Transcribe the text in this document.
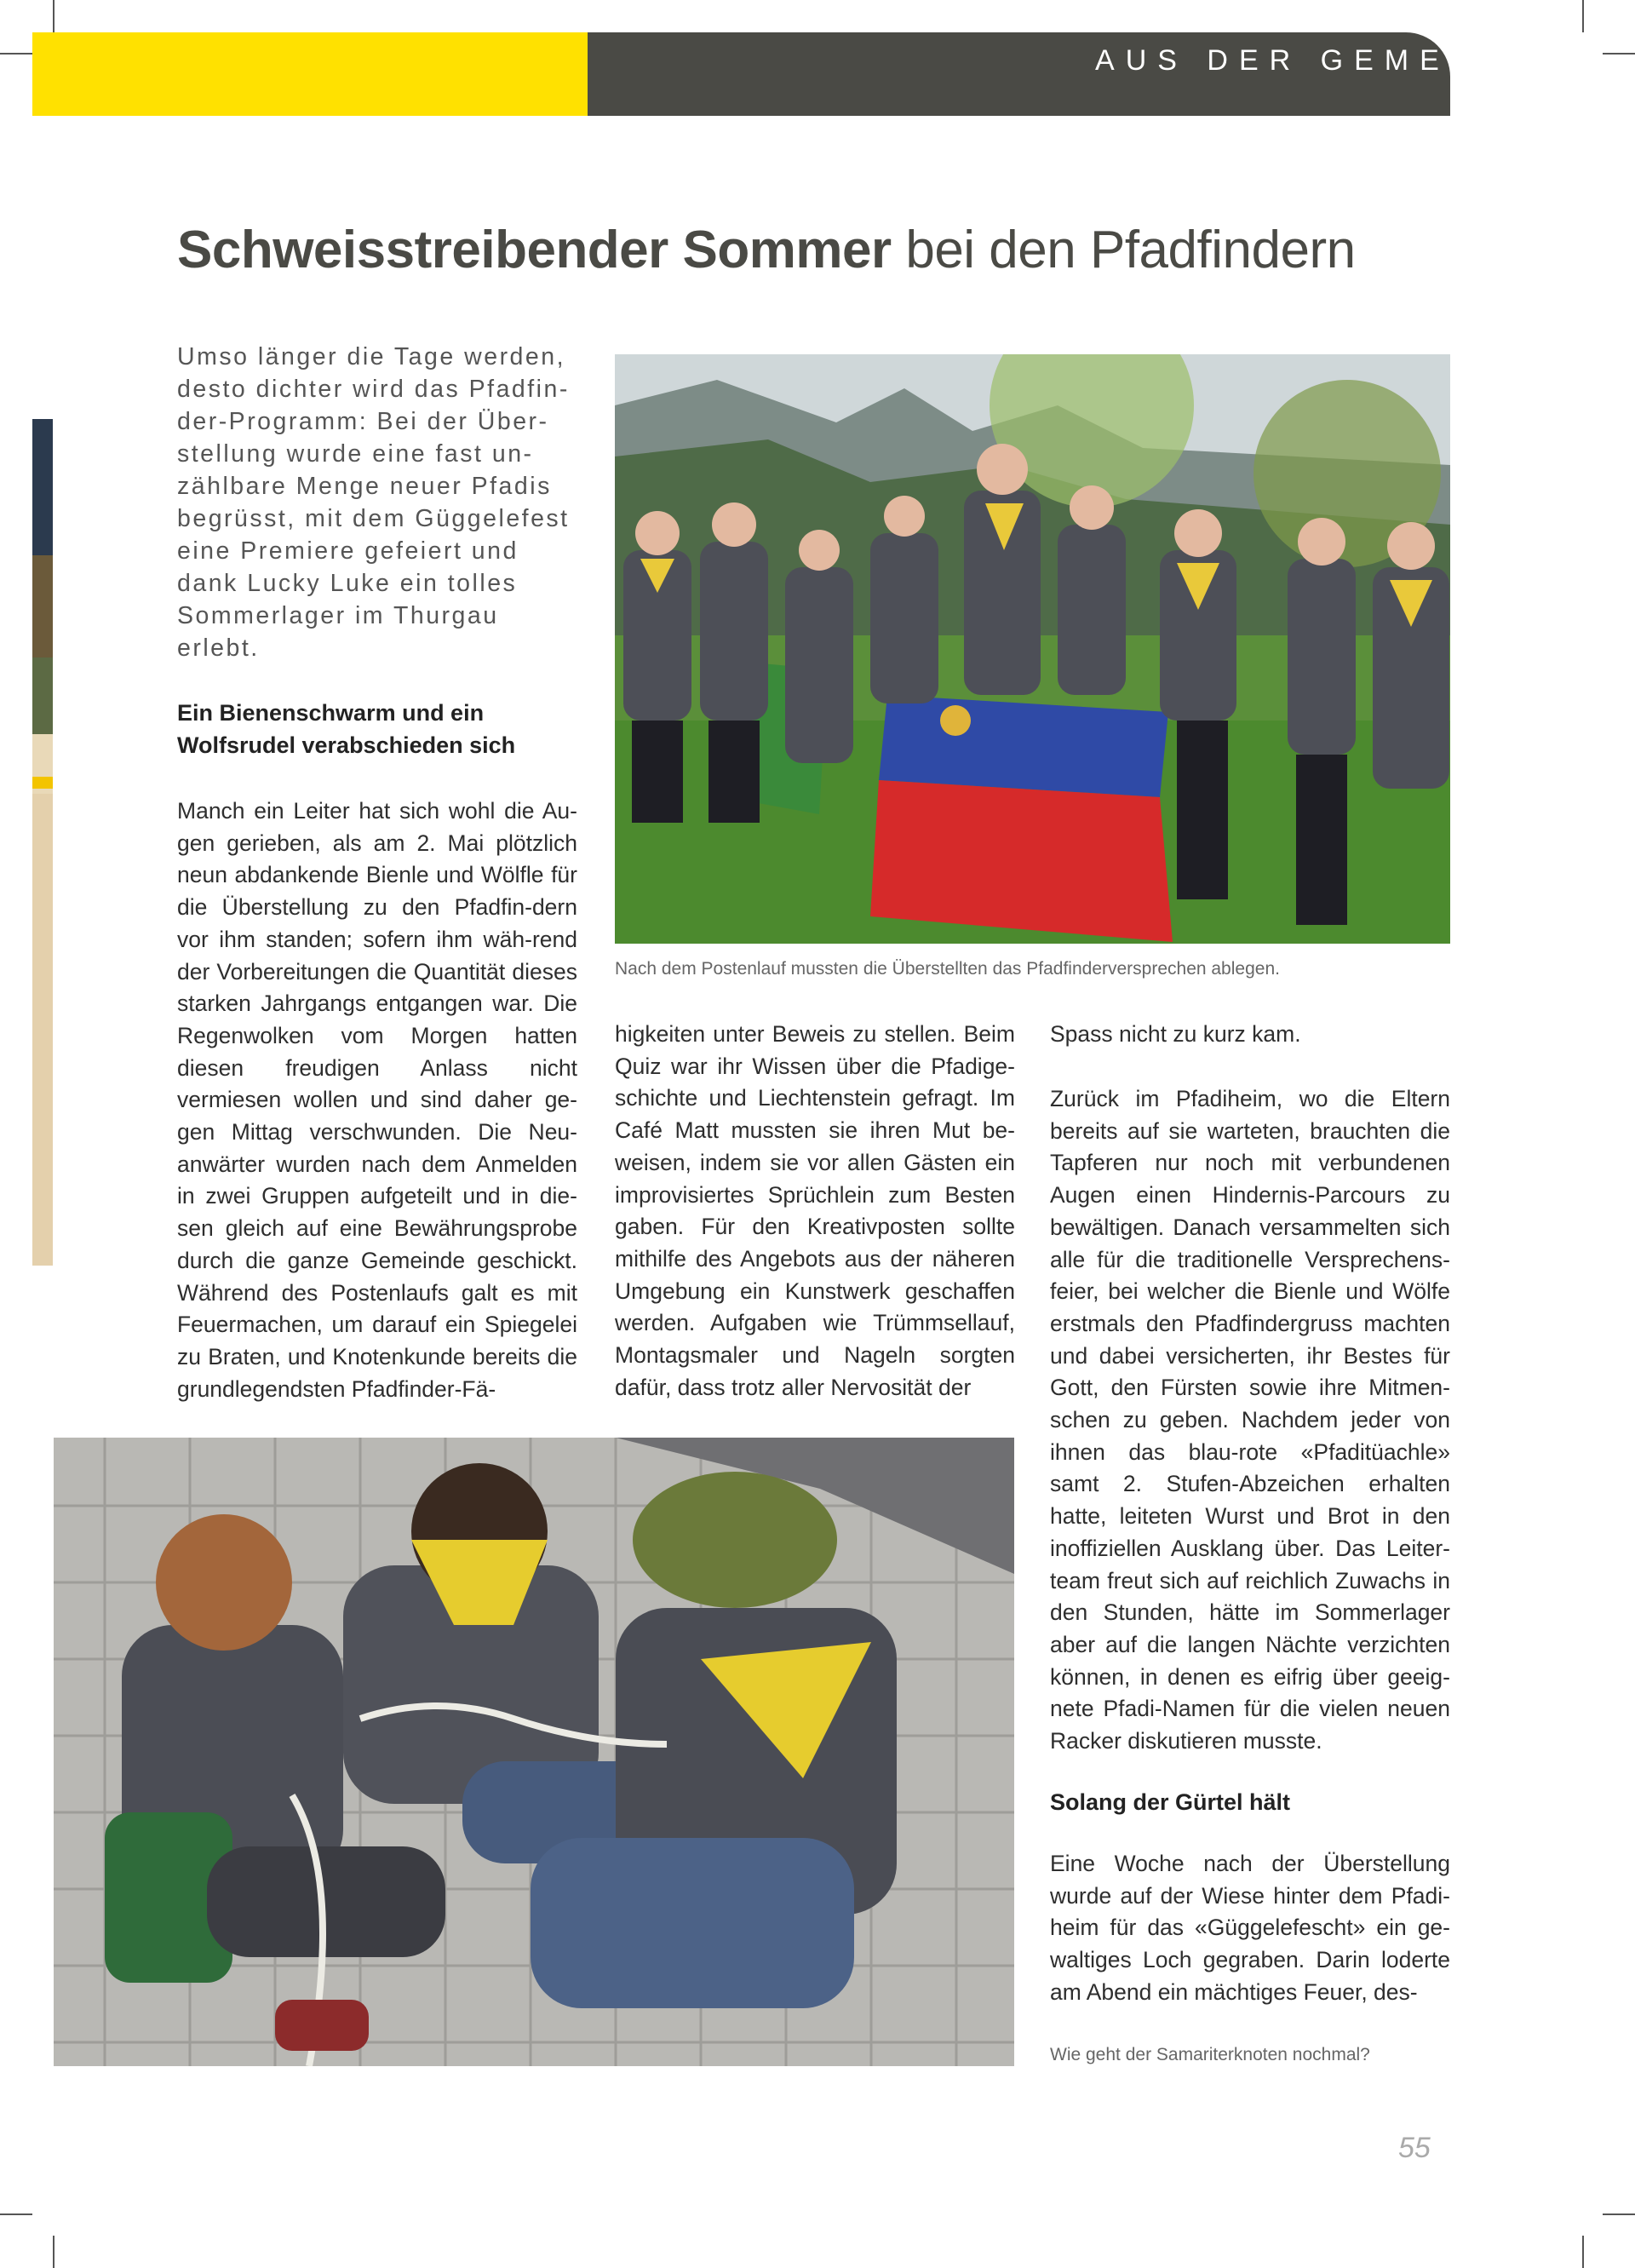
AUS DER GEMEINDE
Schweisstreibender Sommer bei den Pfadfindern

Umso länger die Tage werden, desto dichter wird das Pfadfin-der-Programm: Bei der Über-stellung wurde eine fast un-zählbare Menge neuer Pfadis begrüsst, mit dem Güggelefest eine Premiere gefeiert und dank Lucky Luke ein tolles Sommerlager im Thurgau erlebt.

Nach dem Postenlauf mussten die Überstellten das Pfadfinderversprechen ablegen.

Ein Bienenschwarm und ein Wolfsrudel verabschieden sich

Manch ein Leiter hat sich wohl die Au-gen gerieben, als am 2. Mai plötzlich neun abdankende Bienle und Wölfle für die Überstellung zu den Pfadfin-dern vor ihm standen; sofern ihm wäh-rend der Vorbereitungen die Quantität dieses starken Jahrgangs entgangen war. Die Regenwolken vom Morgen hatten diesen freudigen Anlass nicht vermiesen wollen und sind daher ge-gen Mittag verschwunden. Die Neu-anwärter wurden nach dem Anmelden in zwei Gruppen aufgeteilt und in die-sen gleich auf eine Bewährungsprobe durch die ganze Gemeinde geschickt. Während des Postenlaufs galt es mit Feuermachen, um darauf ein Spiegelei zu Braten, und Knotenkunde bereits die grundlegendsten Pfadfinder-Fä-

higkeiten unter Beweis zu stellen. Beim Quiz war ihr Wissen über die Pfadige-schichte und Liechtenstein gefragt. Im Café Matt mussten sie ihren Mut be-weisen, indem sie vor allen Gästen ein improvisiertes Sprüchlein zum Besten gaben. Für den Kreativposten sollte mithilfe des Angebots aus der näheren Umgebung ein Kunstwerk geschaffen werden. Aufgaben wie Trümmsellauf, Montagsmaler und Nageln sorgten dafür, dass trotz aller Nervosität der

Spass nicht zu kurz kam.

Zurück im Pfadiheim, wo die Eltern bereits auf sie warteten, brauchten die Tapferen nur noch mit verbundenen Augen einen Hindernis-Parcours zu bewältigen. Danach versammelten sich alle für die traditionelle Versprechens-feier, bei welcher die Bienle und Wölfe erstmals den Pfadfindergruss machten und dabei versicherten, ihr Bestes für Gott, den Fürsten sowie ihre Mitmen-schen zu geben. Nachdem jeder von ihnen das blau-rote «Pfaditüachle» samt 2. Stufen-Abzeichen erhalten hatte, leiteten Wurst und Brot in den inoffiziellen Ausklang über. Das Leiter-team freut sich auf reichlich Zuwachs in den Stunden, hätte im Sommerlager aber auf die langen Nächte verzichten können, in denen es eifrig über geeig-nete Pfadi-Namen für die vielen neuen Racker diskutieren musste.

Solang der Gürtel hält

Eine Woche nach der Überstellung wurde auf der Wiese hinter dem Pfadi-heim für das «Güggelefescht» ein ge-waltiges Loch gegraben. Darin loderte am Abend ein mächtiges Feuer, des-

Wie geht der Samariterknoten nochmal?

55
